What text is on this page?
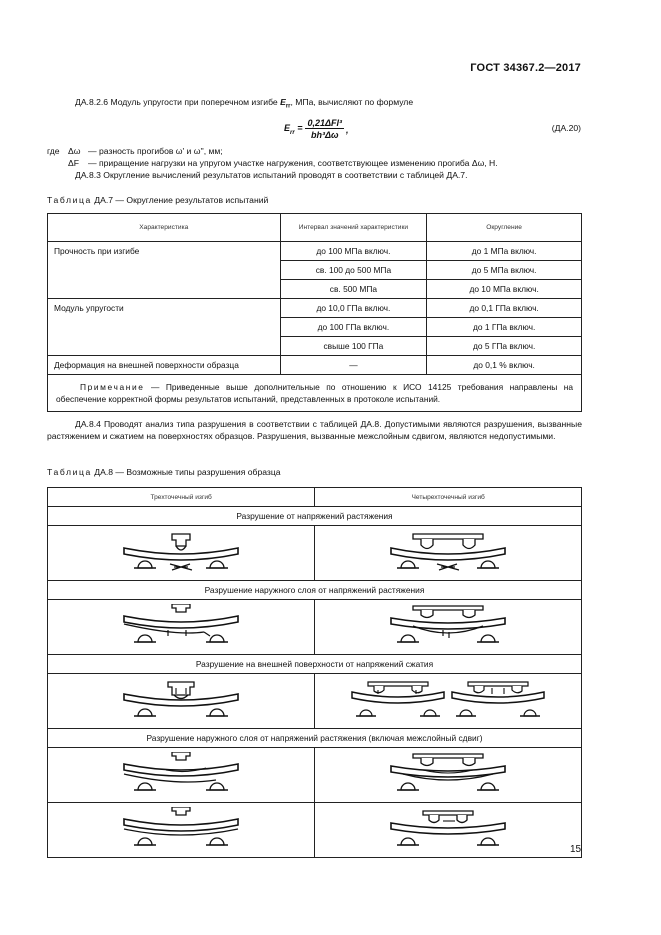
ГОСТ 34367.2—2017
ДА.8.2.6 Модуль упругости при поперечном изгибе $E_{rr}$, МПа, вычисляют по формуле
$E_{rr}$ =	0,21ΔFl³	,
bh³Δω
(ДА.20)
где Δω — разность прогибов ω' и ω'', мм;
ΔF — приращение нагрузки на упругом участке нагружения, соответствующее изменению прогиба Δω, Н.
ДА.8.3 Округление вычислений результатов испытаний проводят в соответствии с таблицей ДА.7.
Таблица ДА.7 — Округление результатов испытаний
Характеристика	Интервал значений характеристики	Округление
Прочность при изгибе	до 100 МПа включ.	до 1 МПа включ.
	св. 100 до 500 МПа	до 5 МПа включ.
	св. 500 МПа	до 10 МПа включ.
Модуль упругости	до 10,0 ГПа включ.	до 0,1 ГПа включ.
	до 100 ГПа включ.	до 1 ГПа включ.
	свыше 100 ГПа	до 5 ГПа включ.
Деформация на внешней поверхности образца	—	до 0,1 % включ.
Примечание — Приведенные выше дополнительные по отношению к ИСО 14125 требования направлены на обеспечение корректной формы результатов испытаний, представленных в протоколе испытаний.		
ДА.8.4 Проводят анализ типа разрушения в соответствии с таблицей ДА.8. Допустимыми являются разрушения, вызванные растяжением и сжатием на поверхностях образцов. Разрушения, вызванные межслойным сдвигом, являются недопустимыми.
Таблица ДА.8 — Возможные типы разрушения образца
Трехточечный изгиб	Четырехточечный изгиб
Разрушение от напряжений растяжения	

Разрушение наружного слоя от напряжений растяжения	

Разрушение на внешней поверхности от напряжений сжатия	

Разрушение наружного слоя от напряжений растяжения (включая межслойный сдвиг)	

15
